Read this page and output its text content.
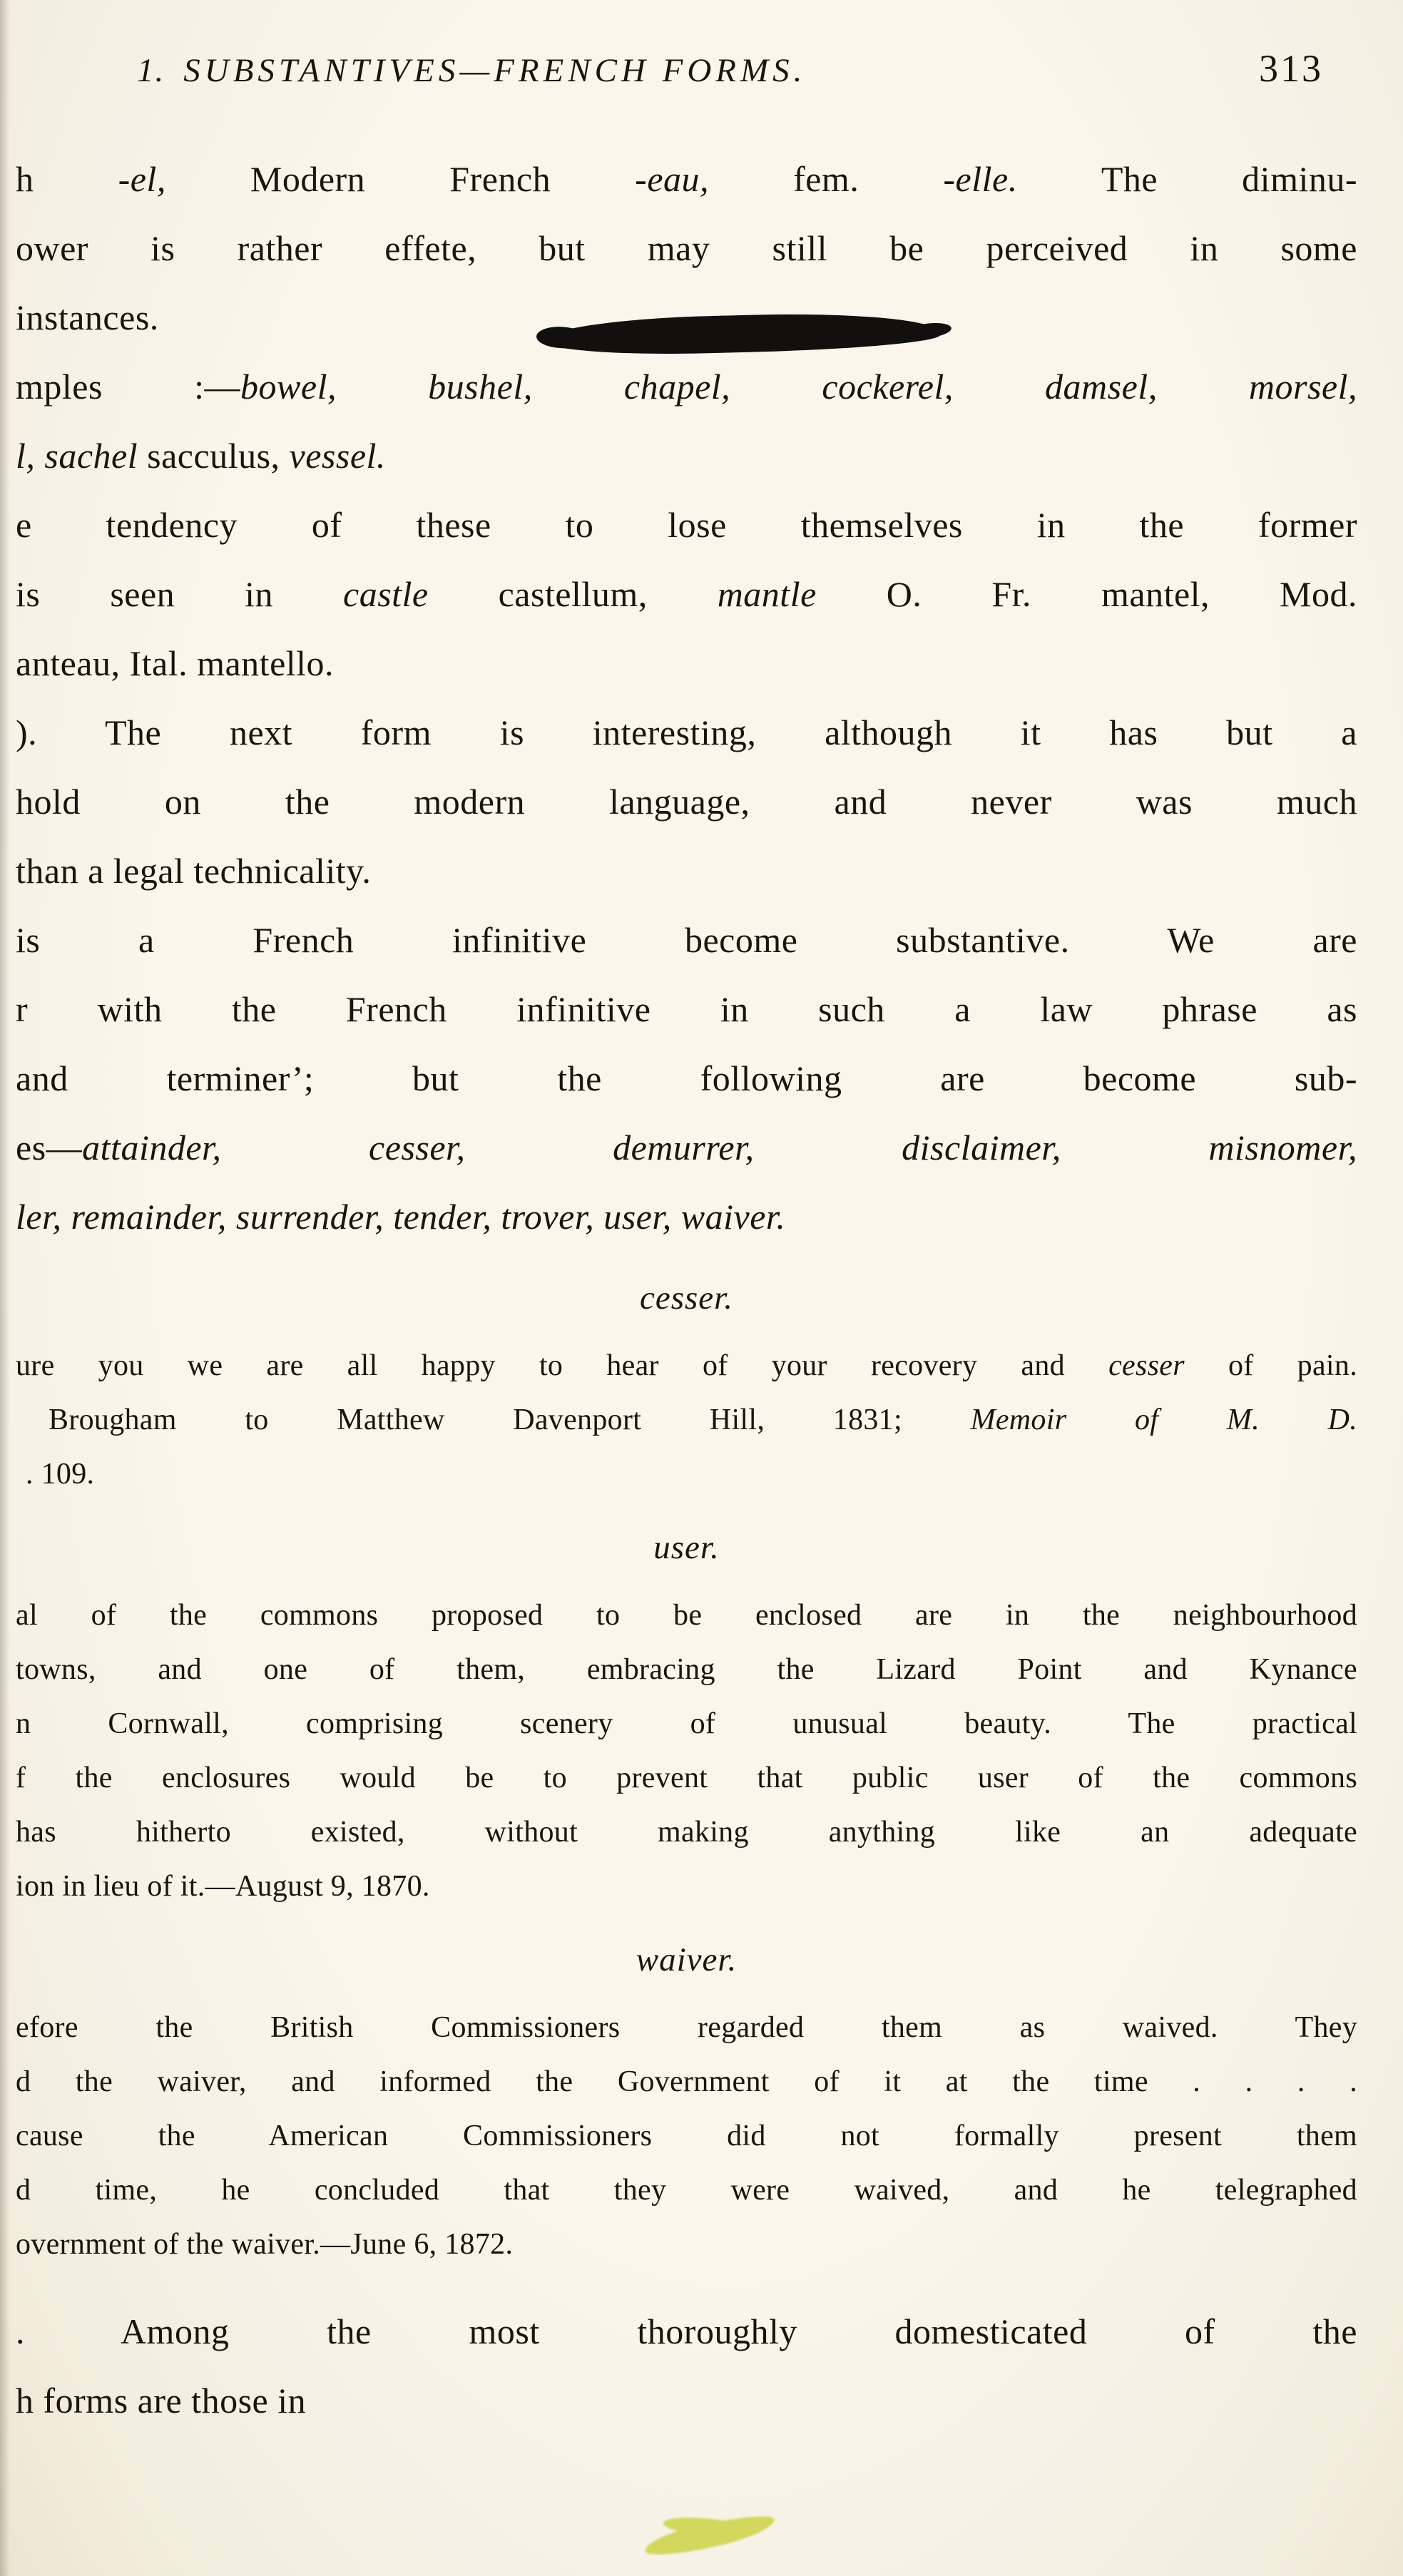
1. SUBSTANTIVES—FRENCH FORMS.	313
h -el, Modern French -eau, fem. -elle. The diminu-
ower is rather effete, but may still be perceived in some
instances.
mples :—bowel, bushel, chapel, cockerel, damsel, morsel,
l, sachel sacculus, vessel.
e tendency of these to lose themselves in the former
is seen in castle castellum, mantle O. Fr. mantel, Mod.
anteau, Ital. mantello.
). The next form is interesting, although it has but a
hold on the modern language, and never was much
than a legal technicality.
is a French infinitive become substantive. We are
r with the French infinitive in such a law phrase as
and terminer’; but the following are become sub-
es—attainder, cesser, demurrer, disclaimer, misnomer,
ler, remainder, surrender, tender, trover, user, waiver.
cesser.
ure you we are all happy to hear of your recovery and cesser of pain.
Brougham to Matthew Davenport Hill, 1831; Memoir of M. D.
. 109.
user.
al of the commons proposed to be enclosed are in the neighbourhood
towns, and one of them, embracing the Lizard Point and Kynance
n Cornwall, comprising scenery of unusual beauty. The practical
f the enclosures would be to prevent that public user of the commons
has hitherto existed, without making anything like an adequate
ion in lieu of it.—August 9, 1870.
waiver.
efore the British Commissioners regarded them as waived. They
d the waiver, and informed the Government of it at the time . . . .
cause the American Commissioners did not formally present them
d time, he concluded that they were waived, and he telegraphed
overnment of the waiver.—June 6, 1872.
. Among the most thoroughly domesticated of the
h forms are those in
